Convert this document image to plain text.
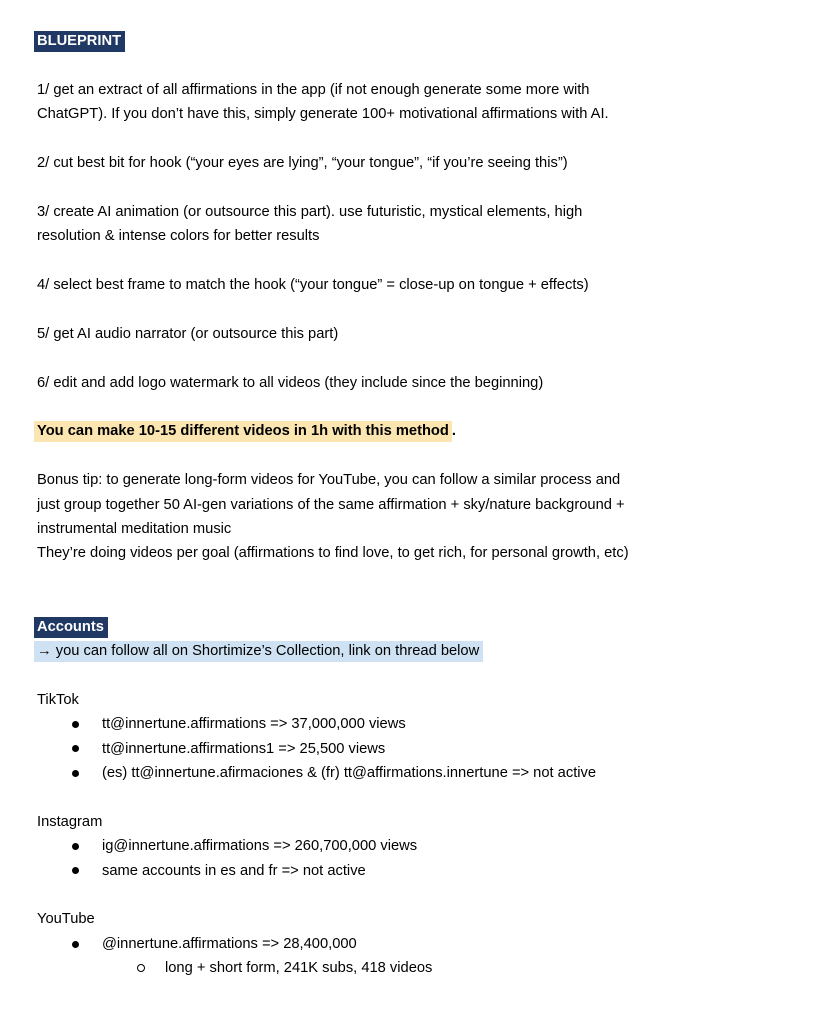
BLUEPRINT
1/ get an extract of all affirmations in the app (if not enough generate some more with
ChatGPT). If you don’t have this, simply generate 100+ motivational affirmations with AI.
2/ cut best bit for hook (“your eyes are lying”, “your tongue”, “if you’re seeing this”)
3/ create AI animation (or outsource this part). use futuristic, mystical elements, high
resolution & intense colors for better results
4/ select best frame to match the hook (“your tongue” = close-up on tongue + effects)
5/ get AI audio narrator (or outsource this part)
6/ edit and add logo watermark to all videos (they include since the beginning)
You can make 10-15 different videos in 1h with this method .
Bonus tip: to generate long-form videos for YouTube, you can follow a similar process and
just group together 50 AI-gen variations of the same affirmation + sky/nature background +
instrumental meditation music
They’re doing videos per goal (affirmations to find love, to get rich, for personal growth, etc)
Accounts
→ you can follow all on Shortimize’s Collection, link on thread below
TikTok
tt@innertune.affirmations => 37,000,000 views
tt@innertune.affirmations1 => 25,500 views
(es) tt@innertune.afirmaciones & (fr) tt@affirmations.innertune => not active
Instagram
ig@innertune.affirmations => 260,700,000 views
same accounts in es and fr => not active
YouTube
@innertune.affirmations => 28,400,000
long + short form, 241K subs, 418 videos
